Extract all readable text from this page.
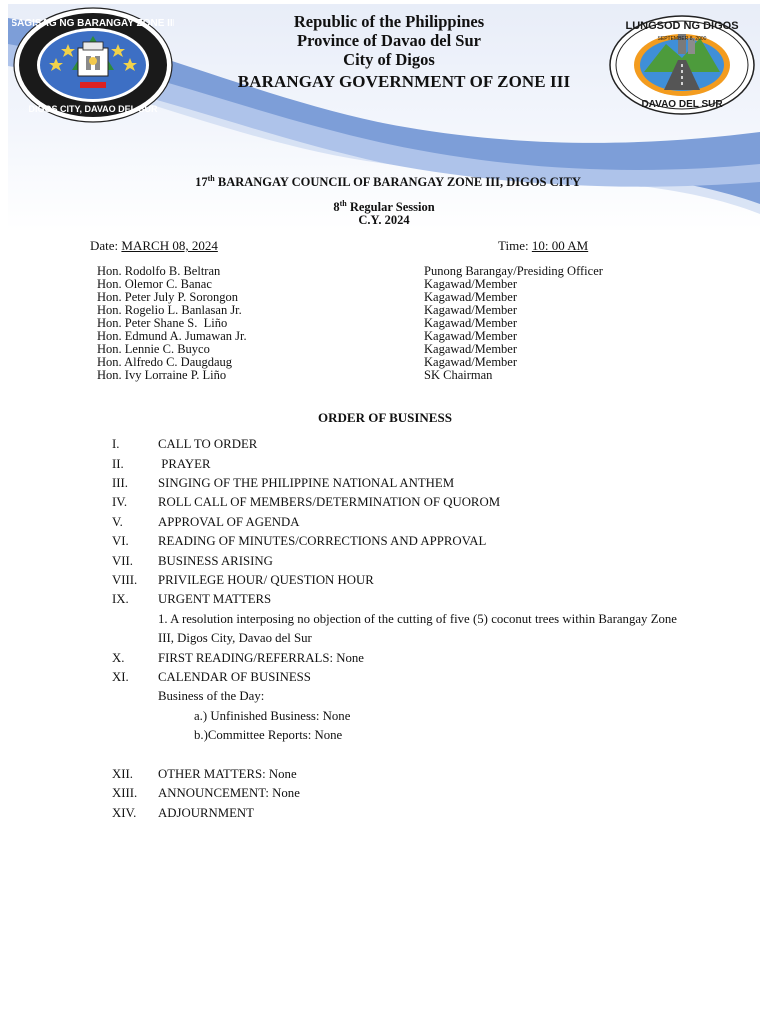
SAGISAG NG BARANGAY ZONE III
DIGOS CITY, DAVAO DEL SUR
LUNGSOD NG DIGOS
SEPTEMBER 8, 2000
DAVAO DEL SUR
Republic of the Philippines
Province of Davao del Sur
City of Digos
BARANGAY GOVERNMENT OF ZONE III
17th BARANGAY COUNCIL OF BARANGAY ZONE III, DIGOS CITY
8th Regular Session
C.Y. 2024
Date: MARCH 08, 2024	Time: 10: 00 AM
Hon. Rodolfo B. Beltran	Punong Barangay/Presiding Officer
Hon. Olemor C. Banac	Kagawad/Member
Hon. Peter July P. Sorongon	Kagawad/Member
Hon. Rogelio L. Banlasan Jr.	Kagawad/Member
Hon. Peter Shane S.  Liño	Kagawad/Member
Hon. Edmund A. Jumawan Jr.	Kagawad/Member
Hon. Lennie C. Buyco	Kagawad/Member
Hon. Alfredo C. Daugdaug	Kagawad/Member
Hon. Ivy Lorraine P. Liño	SK Chairman
ORDER OF BUSINESS
I.	CALL TO ORDER
II.	PRAYER
III.	SINGING OF THE PHILIPPINE NATIONAL ANTHEM
IV.	ROLL CALL OF MEMBERS/DETERMINATION OF QUOROM
V.	APPROVAL OF AGENDA
VI.	READING OF MINUTES/CORRECTIONS AND APPROVAL
VII.	BUSINESS ARISING
VIII.	PRIVILEGE HOUR/ QUESTION HOUR
IX.	URGENT MATTERS
1. A resolution interposing no objection of the cutting of five (5) coconut trees within Barangay Zone III, Digos City, Davao del Sur
X.	FIRST READING/REFERRALS: None
XI.	CALENDAR OF BUSINESS
Business of the Day:
a.) Unfinished Business: None
b.)Committee Reports: None
XII.	OTHER MATTERS: None
XIII.	ANNOUNCEMENT: None
XIV.	ADJOURNMENT
